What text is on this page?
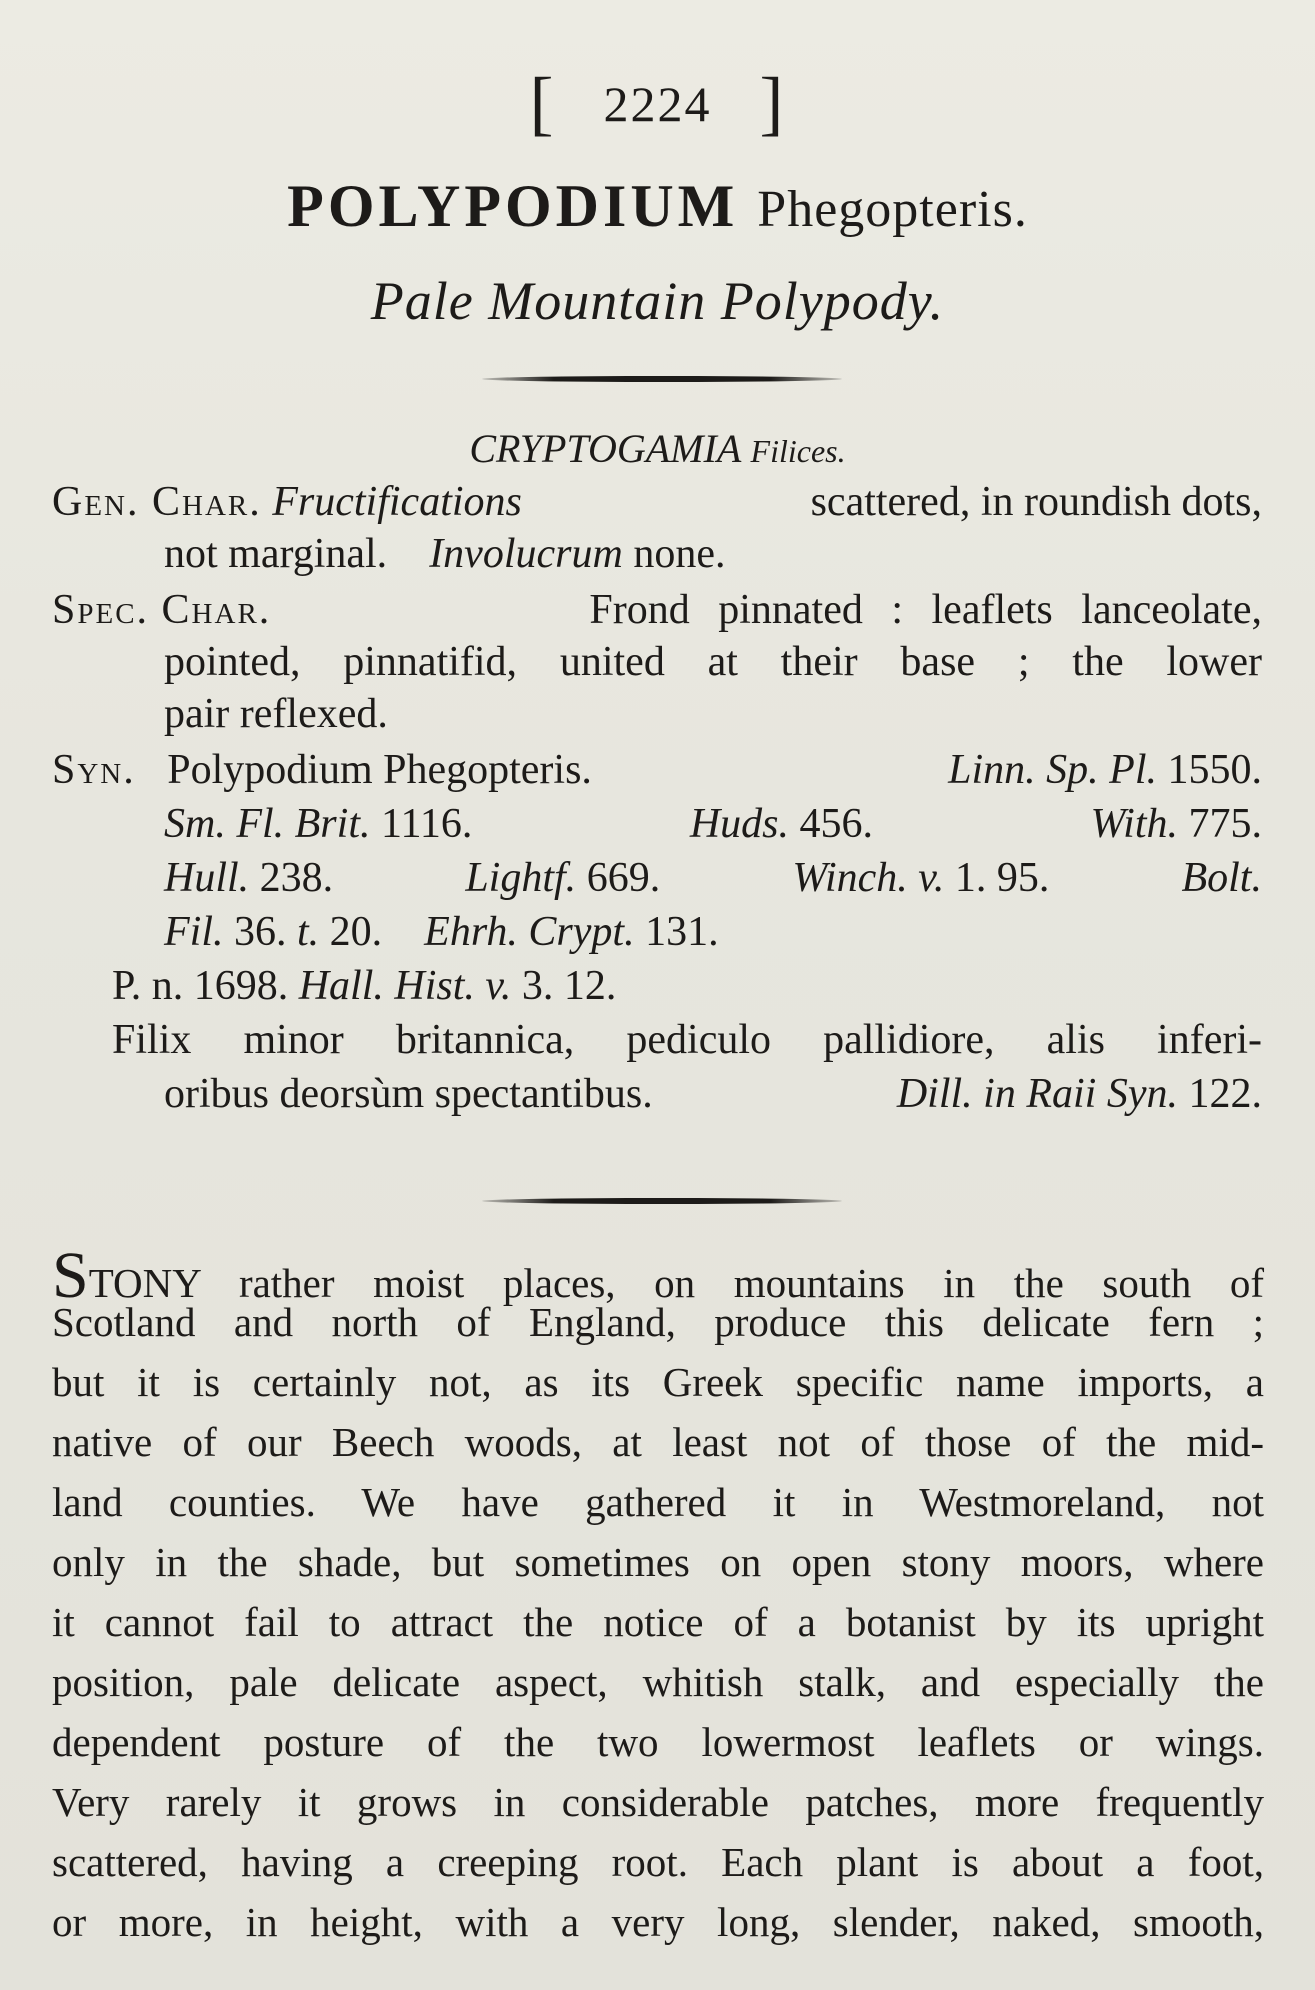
[ 2224 ]
POLYPODIUM Phegopteris.
Pale Mountain Polypody.
CRYPTOGAMIA Filices.
Gen. Char. Fructifications	scattered, in roundish dots,
not marginal. Involucrum none.
Spec. Char.	Frond pinnated : leaflets lanceolate,
pointed, pinnatifid, united at their base ; the lower
pair reflexed.
Syn. Polypodium Phegopteris.	Linn. Sp. Pl. 1550.
Sm. Fl. Brit. 1116.	Huds. 456.	With. 775.
Hull. 238.	Lightf. 669.	Winch. v. 1. 95.	Bolt.
Fil. 36. t. 20. Ehrh. Crypt. 131.
P. n. 1698. Hall. Hist. v. 3. 12.
Filix minor britannica, pediculo pallidiore, alis inferi-
oribus deorsùm spectantibus.	Dill. in Raii Syn. 122.
STONY rather moist places, on mountains in the south of
Scotland and north of England, produce this delicate fern ;
but it is certainly not, as its Greek specific name imports, a
native of our Beech woods, at least not of those of the mid-
land counties. We have gathered it in Westmoreland, not
only in the shade, but sometimes on open stony moors, where
it cannot fail to attract the notice of a botanist by its upright
position, pale delicate aspect, whitish stalk, and especially the
dependent posture of the two lowermost leaflets or wings.
Very rarely it grows in considerable patches, more frequently
scattered, having a creeping root. Each plant is about a foot,
or more, in height, with a very long, slender, naked, smooth,
